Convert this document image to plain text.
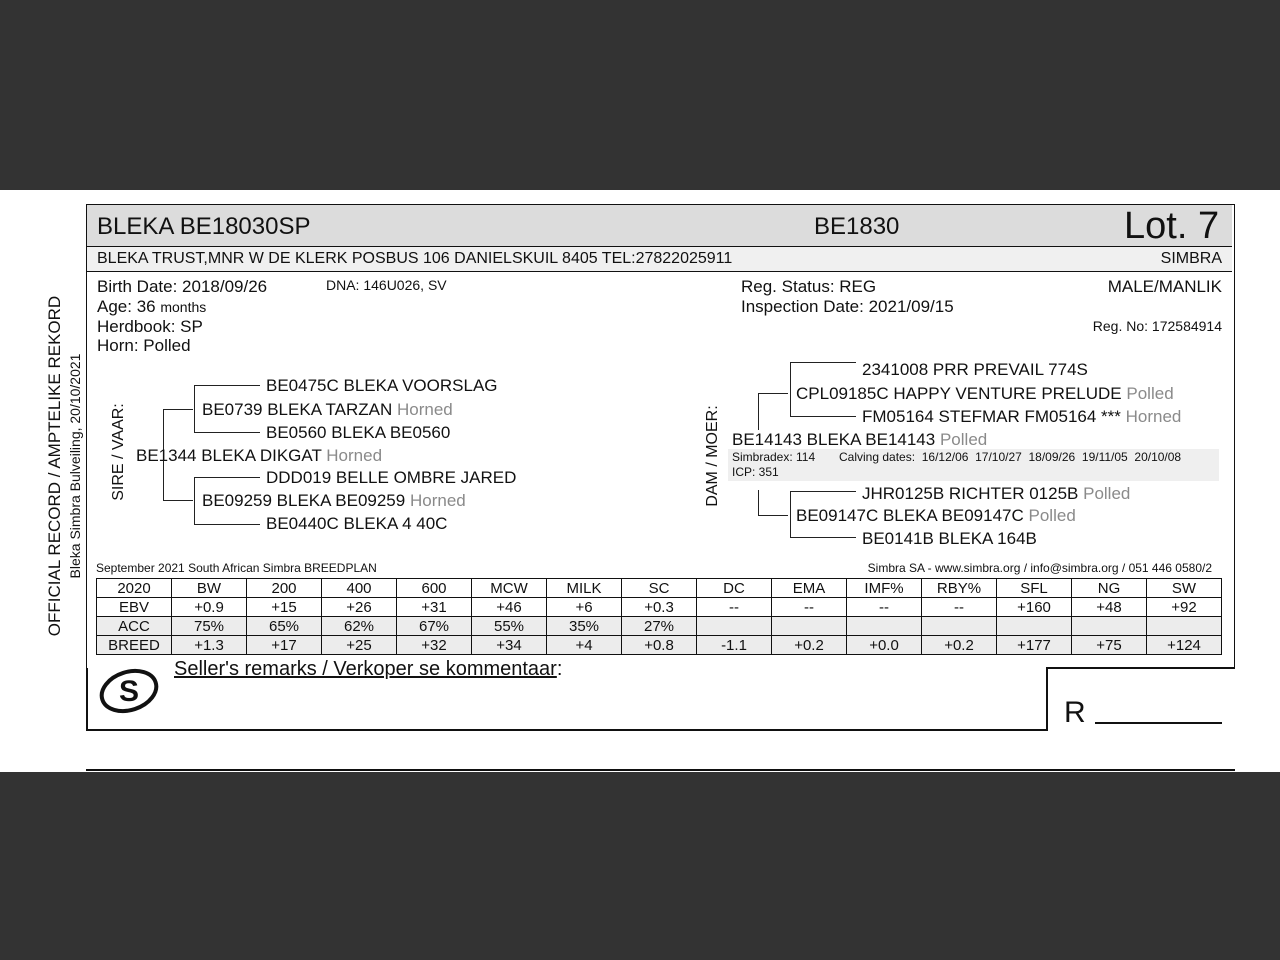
OFFICIAL RECORD / AMPTELIKE REKORD Bleka Simbra Bulveiling, 20/10/2021
BLEKA BE18030SP	BE1830	Lot. 7
BLEKA TRUST,MNR W DE KLERK POSBUS 106 DANIELSKUIL 8405 TEL:27822025911	SIMBRA
Birth Date: 2018/09/26	DNA: 146U026, SV
Age: 36 months
Herdbook: SP
Horn: Polled
Reg. Status: REG
Inspection Date: 2021/09/15
MALE/MANLIK
Reg. No: 172584914
SIRE / VAAR:
BE0475C BLEKA VOORSLAG
BE0739 BLEKA TARZAN Horned
BE0560 BLEKA BE0560
BE1344 BLEKA DIKGAT Horned
DDD019 BELLE OMBRE JARED
BE09259 BLEKA BE09259 Horned
BE0440C BLEKA 4 40C
DAM / MOER:
2341008 PRR PREVAIL 774S
CPL09185C HAPPY VENTURE PRELUDE Polled
FM05164 STEFMAR FM05164 *** Horned
BE14143 BLEKA BE14143 Polled
Simbradex: 114 Calving dates: 16/12/06 17/10/27 18/09/26 19/11/05 20/10/08
ICP: 351
JHR0125B RICHTER 0125B Polled
BE09147C BLEKA BE09147C Polled
BE0141B BLEKA 164B
September 2021 South African Simbra BREEDPLAN	Simbra SA - www.simbra.org / info@simbra.org / 051 446 0580/2
2020	BW	200	400	600	MCW	MILK	SC	DC	EMA	IMF%	RBY%	SFL	NG	SW
EBV	+0.9	+15	+26	+31	+46	+6	+0.3	--	--	--	--	+160	+48	+92
ACC	75%	65%	62%	67%	55%	35%	27%							
BREED	+1.3	+17	+25	+32	+34	+4	+0.8	-1.1	+0.2	+0.0	+0.2	+177	+75	+124
S
Seller's remarks / Verkoper se kommentaar:
R
